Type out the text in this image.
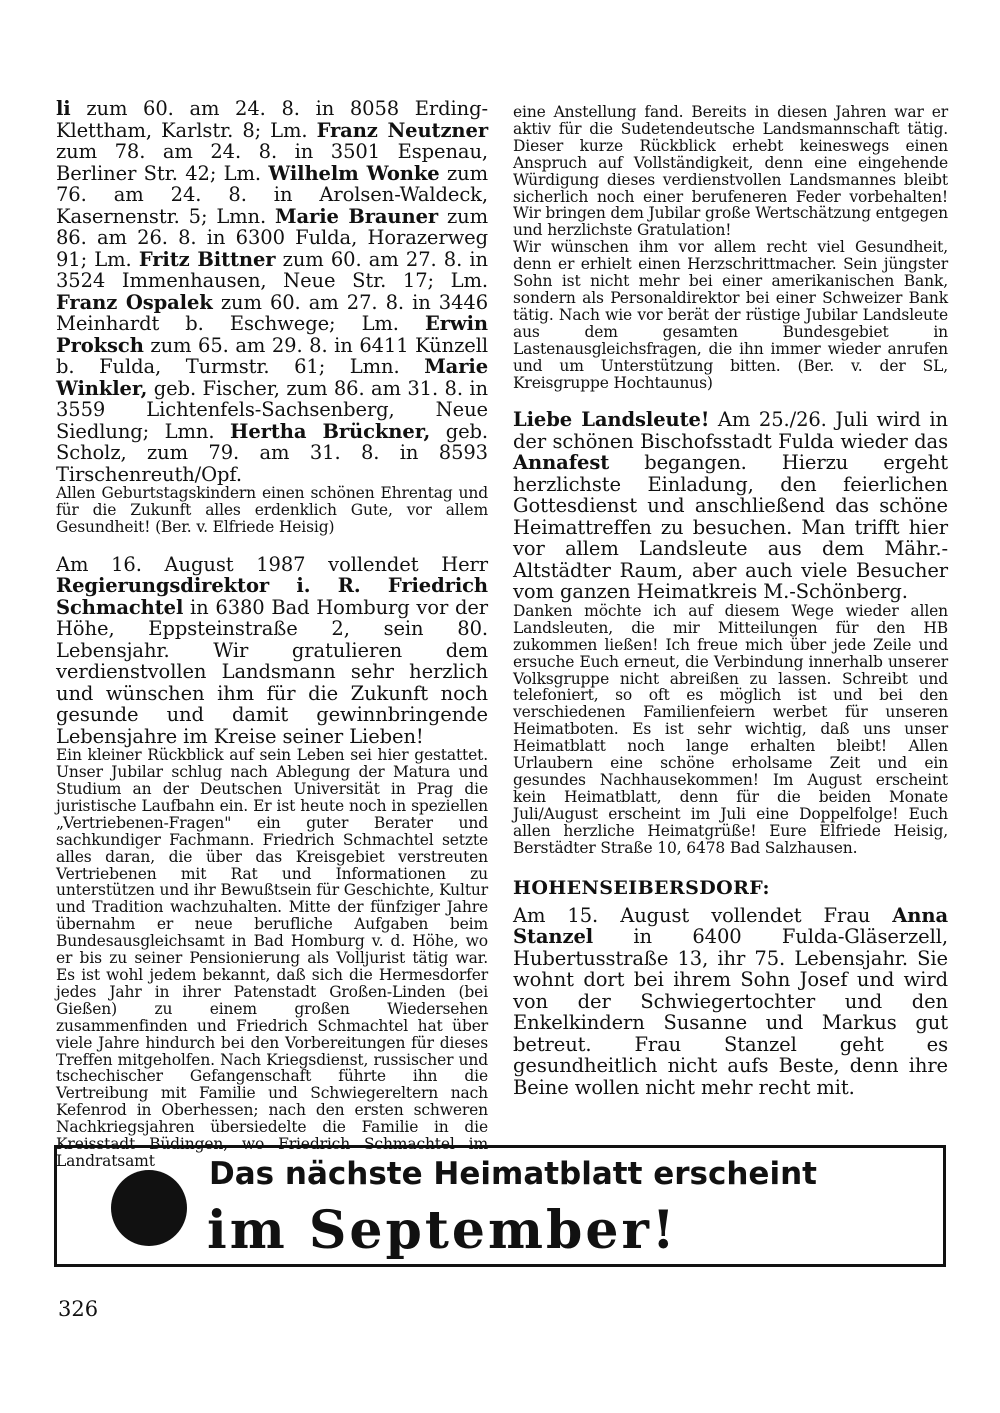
li zum 60. am 24. 8. in 8058 Erding-Klettham, Karlstr. 8; Lm. Franz Neutzner zum 78. am 24. 8. in 3501 Espenau, Berliner Str. 42; Lm. Wilhelm Wonke zum 76. am 24. 8. in Arolsen-Waldeck, Kasernenstr. 5; Lmn. Marie Brauner zum 86. am 26. 8. in 6300 Fulda, Horazerweg 91; Lm. Fritz Bittner zum 60. am 27. 8. in 3524 Immenhausen, Neue Str. 17; Lm. Franz Ospalek zum 60. am 27. 8. in 3446 Meinhardt b. Eschwege; Lm. Erwin Proksch zum 65. am 29. 8. in 6411 Künzell b. Fulda, Turmstr. 61; Lmn. Marie Winkler, geb. Fischer, zum 86. am 31. 8. in 3559 Lichtenfels-Sachsenberg, Neue Siedlung; Lmn. Hertha Brückner, geb. Scholz, zum 79. am 31. 8. in 8593 Tirschenreuth/Opf.

Allen Geburtstagskindern einen schönen Ehrentag und für die Zukunft alles erdenklich Gute, vor allem Gesundheit! (Ber. v. Elfriede Heisig)

Am 16. August 1987 vollendet Herr Regierungsdirektor i. R. Friedrich Schmachtel in 6380 Bad Homburg vor der Höhe, Eppsteinstraße 2, sein 80. Lebensjahr. Wir gratulieren dem verdienstvollen Landsmann sehr herzlich und wünschen ihm für die Zukunft noch gesunde und damit gewinnbringende Lebensjahre im Kreise seiner Lieben!

Ein kleiner Rückblick auf sein Leben sei hier gestattet. Unser Jubilar schlug nach Ablegung der Matura und Studium an der Deutschen Universität in Prag die juristische Laufbahn ein. Er ist heute noch in speziellen „Vertriebenen-Fragen" ein guter Berater und sachkundiger Fachmann. Friedrich Schmachtel setzte alles daran, die über das Kreisgebiet verstreuten Vertriebenen mit Rat und Informationen zu unterstützen und ihr Bewußtsein für Geschichte, Kultur und Tradition wachzuhalten. Mitte der fünfziger Jahre übernahm er neue berufliche Aufgaben beim Bundesausgleichsamt in Bad Homburg v. d. Höhe, wo er bis zu seiner Pensionierung als Volljurist tätig war. Es ist wohl jedem bekannt, daß sich die Hermesdorfer jedes Jahr in ihrer Patenstadt Großen-Linden (bei Gießen) zu einem großen Wiedersehen zusammenfinden und Friedrich Schmachtel hat über viele Jahre hindurch bei den Vorbereitungen für dieses Treffen mitgeholfen. Nach Kriegsdienst, russischer und tschechischer Gefangenschaft führte ihn die Vertreibung mit Familie und Schwiegereltern nach Kefenrod in Oberhessen; nach den ersten schweren Nachkriegsjahren übersiedelte die Familie in die Kreisstadt Büdingen, wo Friedrich Schmachtel im Landratsamt

eine Anstellung fand. Bereits in diesen Jahren war er aktiv für die Sudetendeutsche Landsmannschaft tätig. Dieser kurze Rückblick erhebt keineswegs einen Anspruch auf Vollständigkeit, denn eine eingehende Würdigung dieses verdienstvollen Landsmannes bleibt sicherlich noch einer berufeneren Feder vorbehalten! Wir bringen dem Jubilar große Wertschätzung entgegen und herzlichste Gratulation!

Wir wünschen ihm vor allem recht viel Gesundheit, denn er erhielt einen Herzschrittmacher. Sein jüngster Sohn ist nicht mehr bei einer amerikanischen Bank, sondern als Personaldirektor bei einer Schweizer Bank tätig. Nach wie vor berät der rüstige Jubilar Landsleute aus dem gesamten Bundesgebiet in Lastenausgleichsfragen, die ihn immer wieder anrufen und um Unterstützung bitten. (Ber. v. der SL, Kreisgruppe Hochtaunus)

Liebe Landsleute! Am 25./26. Juli wird in der schönen Bischofsstadt Fulda wieder das Annafest begangen. Hierzu ergeht herzlichste Einladung, den feierlichen Gottesdienst und anschließend das schöne Heimattreffen zu besuchen. Man trifft hier vor allem Landsleute aus dem Mähr.-Altstädter Raum, aber auch viele Besucher vom ganzen Heimatkreis M.-Schönberg.

Danken möchte ich auf diesem Wege wieder allen Landsleuten, die mir Mitteilungen für den HB zukommen ließen! Ich freue mich über jede Zeile und ersuche Euch erneut, die Verbindung innerhalb unserer Volksgruppe nicht abreißen zu lassen. Schreibt und telefoniert, so oft es möglich ist und bei den verschiedenen Familienfeiern werbet für unseren Heimatboten. Es ist sehr wichtig, daß uns unser Heimatblatt noch lange erhalten bleibt! Allen Urlaubern eine schöne erholsame Zeit und ein gesundes Nachhausekommen! Im August erscheint kein Heimatblatt, denn für die beiden Monate Juli/August erscheint im Juli eine Doppelfolge! Euch allen herzliche Heimatgrüße! Eure Elfriede Heisig, Berstädter Straße 10, 6478 Bad Salzhausen.

HOHENSEIBERSDORF:

Am 15. August vollendet Frau Anna Stanzel in 6400 Fulda-Gläserzell, Hubertusstraße 13, ihr 75. Lebensjahr. Sie wohnt dort bei ihrem Sohn Josef und wird von der Schwiegertochter und den Enkelkindern Susanne und Markus gut betreut. Frau Stanzel geht es gesundheitlich nicht aufs Beste, denn ihre Beine wollen nicht mehr recht mit.

Das nächste Heimatblatt erscheint
im September!
326
